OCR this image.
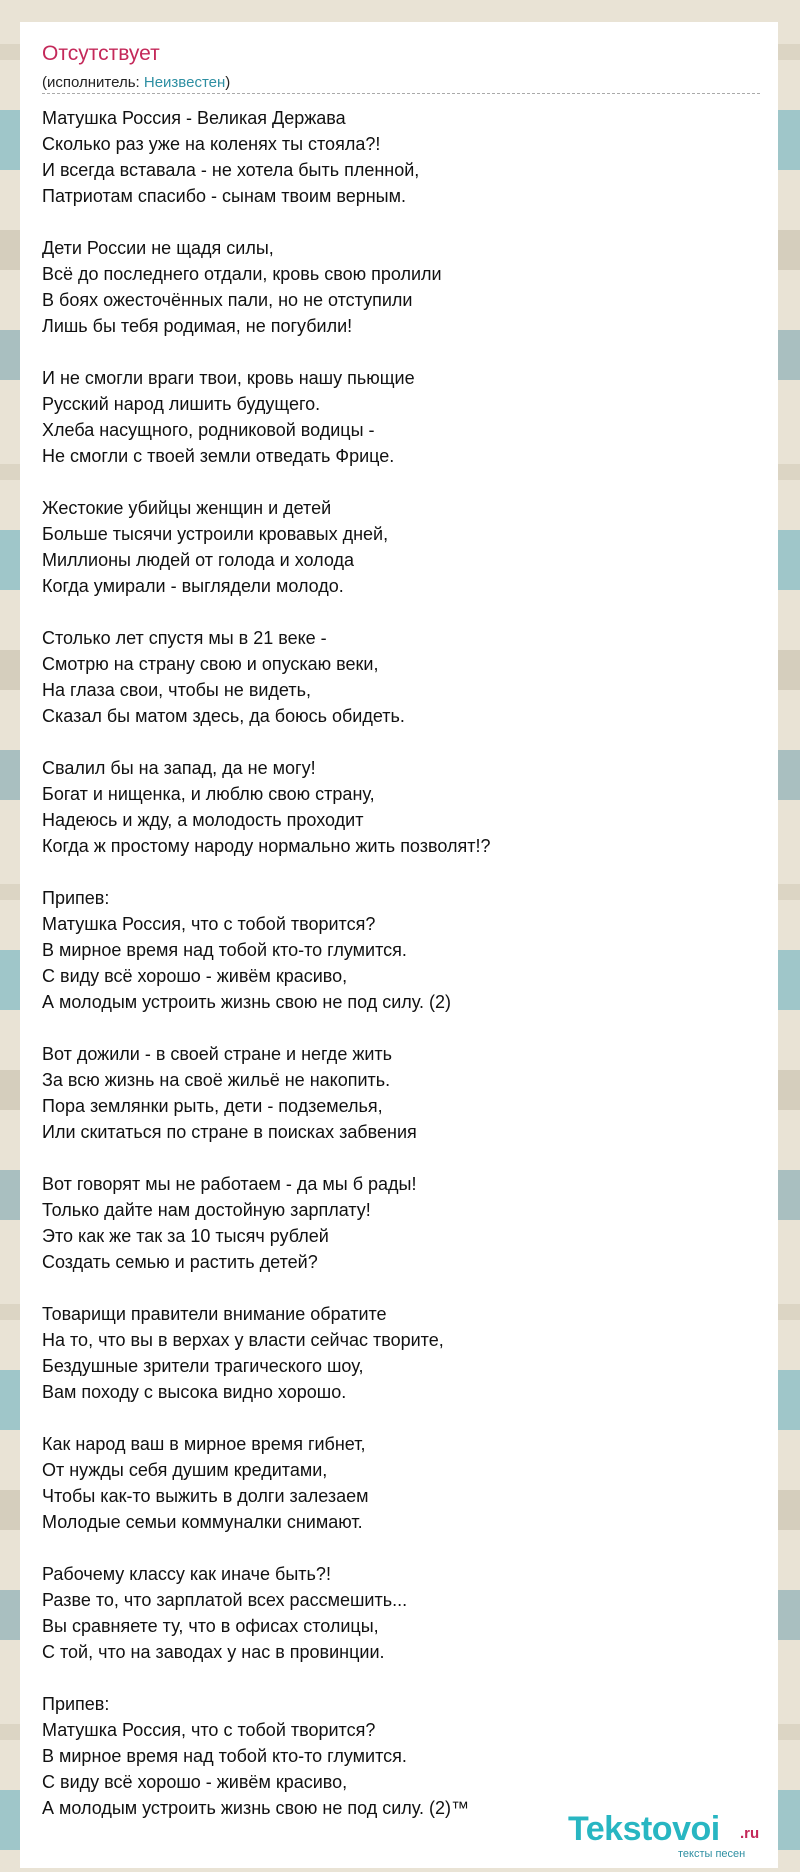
Отсутствует
(исполнитель: Неизвестен)
Матушка Россия - Великая Держава
Сколько раз уже на коленях ты стояла?!
И всегда вставала - не хотела быть пленной,
Патриотам спасибо - сынам твоим верным.
Дети России не щадя силы,
Всё до последнего отдали, кровь свою пролили
В боях ожесточённых пали, но не отступили
Лишь бы тебя родимая, не погубили!
И не смогли враги твои, кровь нашу пьющие
Русский народ лишить будущего.
Хлеба насущного, родниковой водицы -
Не смогли с твоей земли отведать Фрице.
Жестокие убийцы женщин и детей
Больше тысячи устроили кровавых дней,
Миллионы людей от голода и холода
Когда умирали - выглядели молодо.
Столько лет спустя мы в 21 веке -
Смотрю на страну свою и опускаю веки,
На глаза свои, чтобы не видеть,
Сказал бы матом здесь, да боюсь обидеть.
Свалил бы на запад, да не могу!
Богат и нищенка, и люблю свою страну,
Надеюсь и жду, а молодость проходит
Когда ж простому народу нормально жить позволят!?
Припев:
Матушка Россия, что с тобой творится?
В мирное время над тобой кто-то глумится.
С виду всё хорошо - живём красиво,
А молодым устроить жизнь свою не под силу. (2)
Вот дожили - в своей стране и негде жить
За всю жизнь на своё жильё не накопить.
Пора землянки рыть, дети - подземелья,
Или скитаться по стране в поисках забвения
Вот говорят мы не работаем - да мы б рады!
Только дайте нам достойную зарплату!
Это как же так за 10 тысяч рублей
Создать семью и растить детей?
Товарищи правители внимание обратите
На то, что вы в верхах у власти сейчас творите,
Бездушные зрители трагического шоу,
Вам походу с высока видно хорошо.
Как народ ваш в мирное время гибнет,
От нужды себя душим кредитами,
Чтобы как-то выжить в долги залезаем
Молодые семьи коммуналки снимают.
Рабочему классу как иначе быть?!
Разве то, что зарплатой всех рассмешить...
Вы сравняете ту, что в офисах столицы,
С той, что на заводах у нас в провинции.
Припев:
Матушка Россия, что с тобой творится?
В мирное время над тобой кто-то глумится.
С виду всё хорошо - живём красиво,
А молодым устроить жизнь свою не под силу. (2)™
Tekstovoi .ru
тексты песен
